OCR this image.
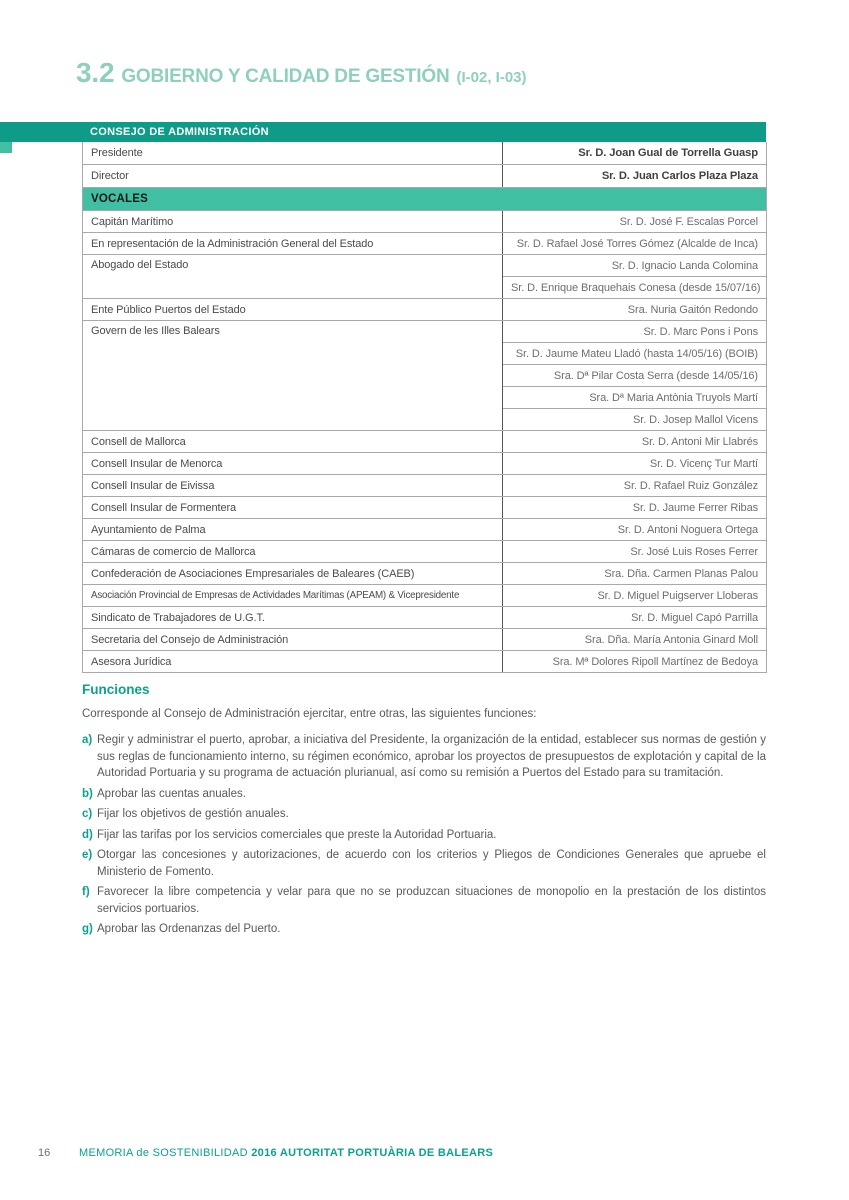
3.2 GOBIERNO Y CALIDAD DE GESTIÓN (I-02, I-03)
CONSEJO DE ADMINISTRACIÓN
Presidente	Sr. D. Joan Gual de Torrella Guasp
Director	Sr. D. Juan Carlos Plaza Plaza
VOCALES	
Capitán Marítimo	Sr. D. José F. Escalas Porcel
En representación de la Administración General del Estado	Sr. D. Rafael José Torres Gómez (Alcalde de Inca)
Abogado del Estado	Sr. D. Ignacio Landa Colomina
	Sr. D. Enrique Braquehais Conesa (desde 15/07/16)
Ente Público Puertos del Estado	Sra. Nuria Gaitón Redondo
Govern de les Illes Balears	Sr. D. Marc Pons i Pons
	Sr. D. Jaume Mateu Lladó (hasta 14/05/16) (BOIB)
	Sra. Dª Pilar Costa Serra (desde 14/05/16)
	Sra. Dª Maria Antònia Truyols Martí
	Sr. D. Josep Mallol Vicens
Consell de Mallorca	Sr. D. Antoni Mir Llabrés
Consell Insular de Menorca	Sr. D. Vicenç Tur Martí
Consell Insular de Eivissa	Sr. D. Rafael Ruiz González
Consell Insular de Formentera	Sr. D. Jaume Ferrer Ribas
Ayuntamiento de Palma	Sr. D. Antoni Noguera Ortega
Cámaras de comercio de Mallorca	Sr. José Luis Roses Ferrer
Confederación de Asociaciones Empresariales de Baleares (CAEB)	Sra. Dña. Carmen Planas Palou
Asociación Provincial de Empresas de Actividades Marítimas (APEAM) & Vicepresidente	Sr. D. Miguel Puigserver Lloberas
Sindicato de Trabajadores de U.G.T.	Sr. D. Miguel Capó Parrilla
Secretaria del Consejo de Administración	Sra. Dña. María Antonia Ginard Moll
Asesora Jurídica	Sra. Mª Dolores Ripoll Martínez de Bedoya
Funciones

Corresponde al Consejo de Administración ejercitar, entre otras, las siguientes funciones:

a) Regir y administrar el puerto, aprobar, a iniciativa del Presidente, la organización de la entidad, establecer sus normas de gestión y sus reglas de funcionamiento interno, su régimen económico, aprobar los proyectos de presupuestos de explotación y capital de la Autoridad Portuaria y su programa de actuación plurianual, así como su remisión a Puertos del Estado para su tramitación.
b) Aprobar las cuentas anuales.
c) Fijar los objetivos de gestión anuales.
d) Fijar las tarifas por los servicios comerciales que preste la Autoridad Portuaria.
e) Otorgar las concesiones y autorizaciones, de acuerdo con los criterios y Pliegos de Condiciones Generales que apruebe el Ministerio de Fomento.
f) Favorecer la libre competencia y velar para que no se produzcan situaciones de monopolio en la prestación de los distintos servicios portuarios.
g) Aprobar las Ordenanzas del Puerto.
16	MEMORIA de SOSTENIBILIDAD 2016 AUTORITAT PORTUÀRIA DE BALEARS
